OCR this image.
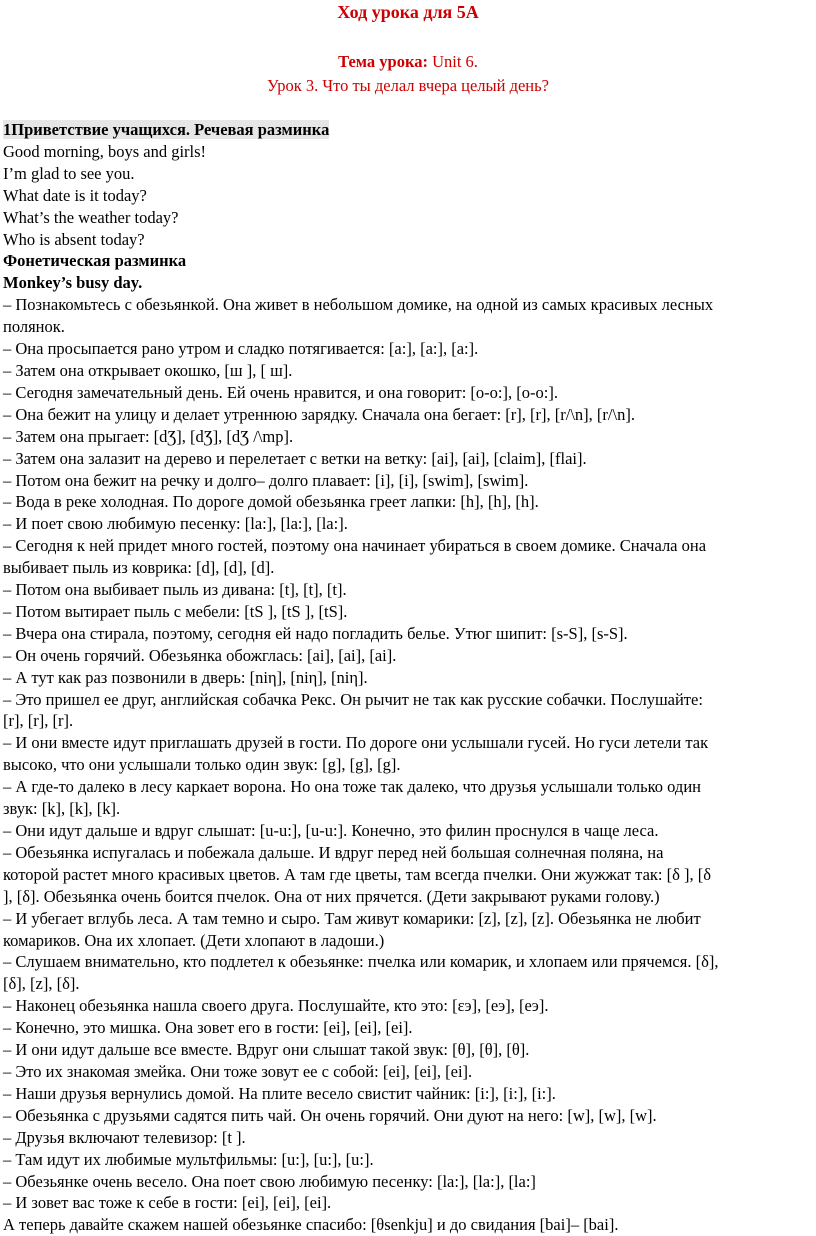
Ход урока для 5А
Тема урока: Unit 6.
Урок 3. Что ты делал вчера целый день?
1Приветствие учащихся. Речевая разминка
Good morning, boys and girls!
I’m glad to see you.
What date is it today?
What’s the weather today?
Who is absent today?
Фонетическая разминка
Monkey’s busy day.
– Познакомьтесь с обезьянкой. Она живет в небольшом домике, на одной из самых красивых лесных
полянок.
– Она просыпается рано утром и сладко потягивается: [a:], [a:], [a:].
– Затем она открывает окошко, [ш ], [ ш].
– Сегодня замечательный день. Ей очень нравится, и она говорит: [o-o:], [o-o:].
– Она бежит на улицу и делает утреннюю зарядку. Сначала она бегает: [r], [r], [r/\n], [r/\n].
– Затем она прыгает: [dƷ], [dƷ], [dƷ /\mp].
– Затем она залазит на дерево и перелетает с ветки на ветку: [ai], [ai], [claim], [flai].
– Потом она бежит на речку и долго– долго плавает: [i], [i], [swim], [swim].
– Вода в реке холодная. По дороге домой обезьянка греет лапки: [h], [h], [h].
– И поет свою любимую песенку: [la:], [la:], [la:].
– Сегодня к ней придет много гостей, поэтому она начинает убираться в своем домике. Сначала она
выбивает пыль из коврика: [d], [d], [d].
– Потом она выбивает пыль из дивана: [t], [t], [t].
– Потом вытирает пыль с мебели: [tS ], [tS ], [tS].
– Вчера она стирала, поэтому, сегодня ей надо погладить белье. Утюг шипит: [s-S], [s-S].
– Он очень горячий. Обезьянка обожглась: [ai], [ai], [ai].
– А тут как раз позвонили в дверь: [niη], [niη], [niη].
– Это пришел ее друг, английская собачка Рекс. Он рычит не так как русские собачки. Послушайте:
[r], [r], [r].
– И они вместе идут приглашать друзей в гости. По дороге они услышали гусей. Но гуси летели так
высоко, что они услышали только один звук: [g], [g], [g].
– А где-то далеко в лесу каркает ворона. Но она тоже так далеко, что друзья услышали только один
звук: [k], [k], [k].
– Они идут дальше и вдруг слышат: [u-u:], [u-u:]. Конечно, это филин проснулся в чаще леса.
– Обезьянка испугалась и побежала дальше. И вдруг перед ней большая солнечная поляна, на
которой растет много красивых цветов. А там где цветы, там всегда пчелки. Они жужжат так: [δ ], [δ
], [δ]. Обезьянка очень боится пчелок. Она от них прячется. (Дети закрывают руками голову.)
– И убегает вглубь леса. А там темно и сыро. Там живут комарики: [z], [z], [z]. Обезьянка не любит
комариков. Она их хлопает. (Дети хлопают в ладоши.)
– Слушаем внимательно, кто подлетел к обезьянке: пчелка или комарик, и хлопаем или прячемся. [δ],
[δ], [z], [δ].
– Наконец обезьянка нашла своего друга. Послушайте, кто это: [εэ], [eэ], [eэ].
– Конечно, это мишка. Она зовет его в гости: [ei], [ei], [ei].
– И они идут дальше все вместе. Вдруг они слышат такой звук: [θ], [θ], [θ].
– Это их знакомая змейка. Они тоже зовут ее с собой: [ei], [ei], [ei].
– Наши друзья вернулись домой. На плите весело свистит чайник: [i:], [i:], [i:].
– Обезьянка с друзьями садятся пить чай. Он очень горячий. Они дуют на него: [w], [w], [w].
– Друзья включают телевизор: [t ].
– Там идут их любимые мультфильмы: [u:], [u:], [u:].
– Обезьянке очень весело. Она поет свою любимую песенку: [la:], [la:], [la:]
– И зовет вас тоже к себе в гости: [ei], [ei], [ei].
А теперь давайте скажем нашей обезьянке спасибо: [θsenkju] и до свидания [bai]– [bai].
